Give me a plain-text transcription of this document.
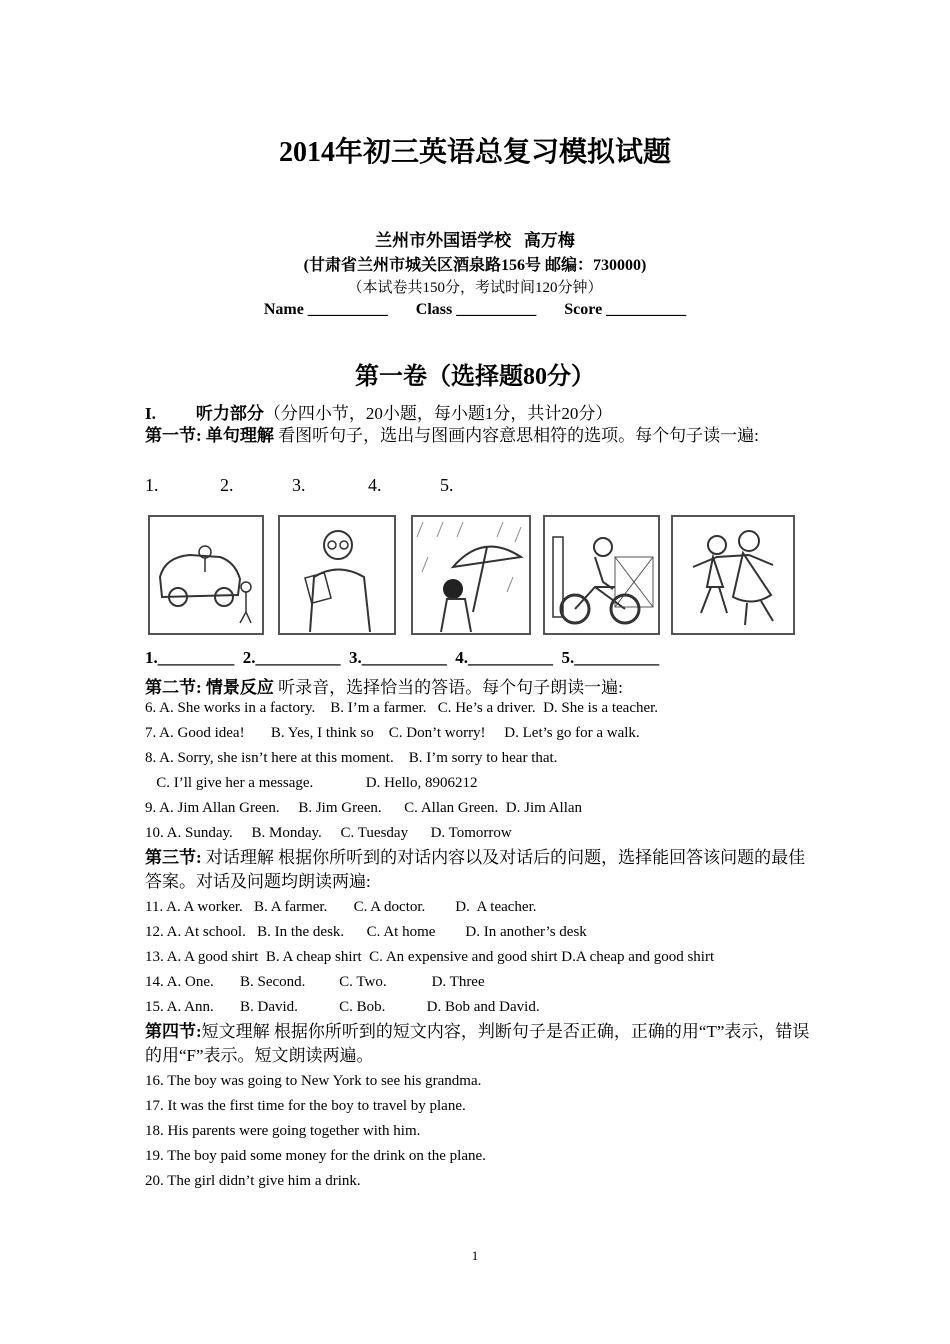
2014年初三英语总复习模拟试题
兰州市外国语学校   高万梅
(甘肃省兰州市城关区酒泉路156号 邮编：730000)
（本试卷共150分，考试时间120分钟）
Name __________ Class __________ Score __________
第一卷（选择题80分）
I. 听力部分（分四小节，20小题，每小题1分，共计20分）
第一节: 单句理解 看图听句子，选出与图画内容意思相符的选项。每个句子读一遍:
1.	2.	3.	4.	5.
1._________  2.__________  3.__________  4.__________  5.__________
第二节: 情景反应 听录音，选择恰当的答语。每个句子朗读一遍:
6. A. She works in a factory.    B. I’m a farmer.   C. He’s a driver.  D. She is a teacher.
7. A. Good idea!       B. Yes, I think so    C. Don’t worry!     D. Let’s go for a walk.
8. A. Sorry, she isn’t here at this moment.    B. I’m sorry to hear that.
C. I’ll give her a message.              D. Hello, 8906212
9. A. Jim Allan Green.     B. Jim Green.      C. Allan Green.  D. Jim Allan
10. A. Sunday.     B. Monday.     C. Tuesday      D. Tomorrow
第三节: 对话理解 根据你所听到的对话内容以及对话后的问题，选择能回答该问题的最佳答案。对话及问题均朗读两遍:
11. A. A worker.   B. A farmer.       C. A doctor.        D.  A teacher.
12. A. At school.   B. In the desk.      C. At home        D. In another’s desk
13. A. A good shirt  B. A cheap shirt  C. An expensive and good shirt D.A cheap and good shirt
14. A. One.       B. Second.         C. Two.            D. Three
15. A. Ann.       B. David.           C. Bob.           D. Bob and David.
第四节:短文理解 根据你所听到的短文内容，判断句子是否正确，正确的用“T”表示，错误的用“F”表示。短文朗读两遍。
16. The boy was going to New York to see his grandma.
17. It was the first time for the boy to travel by plane.
18. His parents were going together with him.
19. The boy paid some money for the drink on the plane.
20. The girl didn’t give him a drink.
1
